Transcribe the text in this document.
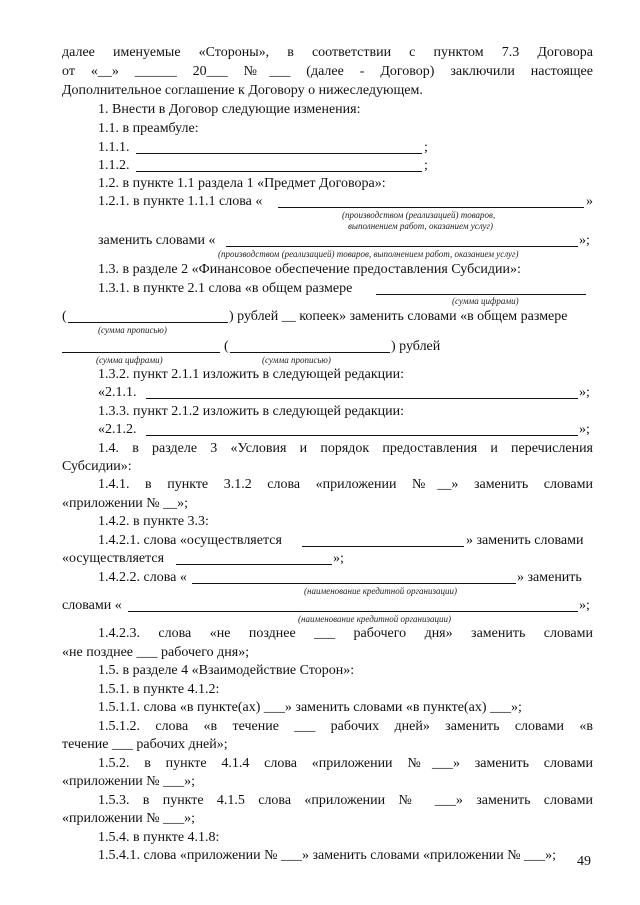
далее именуемые «Стороны», в соответствии с пунктом 7.3 Договора
от «__» ______ 20___ №___ (далее - Договор) заключили настоящее
Дополнительное соглашение к Договору о нижеследующем.
1. Внести в Договор следующие изменения:
1.1. в преамбуле:
1.1.1.	;
1.1.2.	;
1.2. в пункте 1.1 раздела 1 «Предмет Договора»:
1.2.1. в пункте 1.1.1 слова «	»
(производством (реализацией) товаров,
выполнением работ, оказанием услуг)
заменить словами «	»;
(производством (реализацией) товаров, выполнением работ, оказанием услуг)
1.3. в разделе 2 «Финансовое обеспечение предоставления Субсидии»:
1.3.1. в пункте 2.1 слова «в общем размере
(сумма цифрами)
(	) рублей __ копеек» заменить словами «в общем размере
(сумма прописью)
(	) рублей
(сумма цифрами)	(сумма прописью)
1.3.2. пункт 2.1.1 изложить в следующей редакции:
«2.1.1.	»;
1.3.3. пункт 2.1.2 изложить в следующей редакции:
«2.1.2.	»;
1.4. в разделе 3 «Условия и порядок предоставления и перечисления
Субсидии»:
1.4.1. в пункте 3.1.2 слова «приложении №__» заменить словами
«приложении № __»;
1.4.2. в пункте 3.3:
1.4.2.1. слова «осуществляется	» заменить словами
«осуществляется	»;
1.4.2.2. слова «	» заменить
(наименование кредитной организации)
словами «	»;
(наименование кредитной организации)
1.4.2.3. слова «не позднее ___ рабочего дня» заменить словами
«не позднее ___ рабочего дня»;
1.5. в разделе 4 «Взаимодействие Сторон»:
1.5.1. в пункте 4.1.2:
1.5.1.1. слова «в пункте(ах) ___» заменить словами «в пункте(ах) ___»;
1.5.1.2. слова «в течение ___ рабочих дней» заменить словами «в
течение ___ рабочих дней»;
1.5.2. в пункте 4.1.4 слова «приложении №___» заменить словами
«приложении № ___»;
1.5.3. в пункте 4.1.5 слова «приложении № ___» заменить словами
«приложении № ___»;
1.5.4. в пункте 4.1.8:
1.5.4.1. слова «приложении № ___» заменить словами «приложении № ___»; 49
